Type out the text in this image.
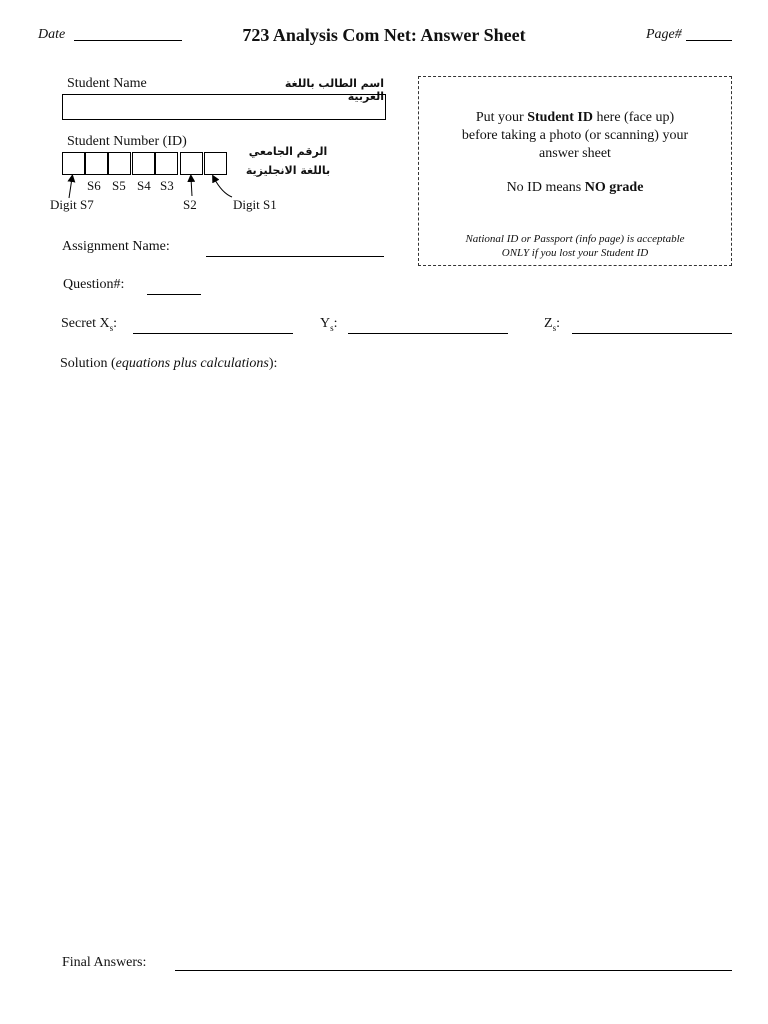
Date	723 Analysis Com Net: Answer Sheet	Page#
Student Name	اسم الطالب باللغة العربية
Student Number (ID)
الرقم الجامعي
باللغة الانجليزية
S6 S5 S4 S3
S2
Digit S7	Digit S1
Put your Student ID here (face up)
before taking a photo (or scanning) your
answer sheet
No ID means NO grade
National ID or Passport (info page) is acceptable
ONLY if you lost your Student ID
Assignment Name:
Question#:
Secret $X_s$:	$Y_s$:	$Z_s$:
Solution (equations plus calculations):
Final Answers:
